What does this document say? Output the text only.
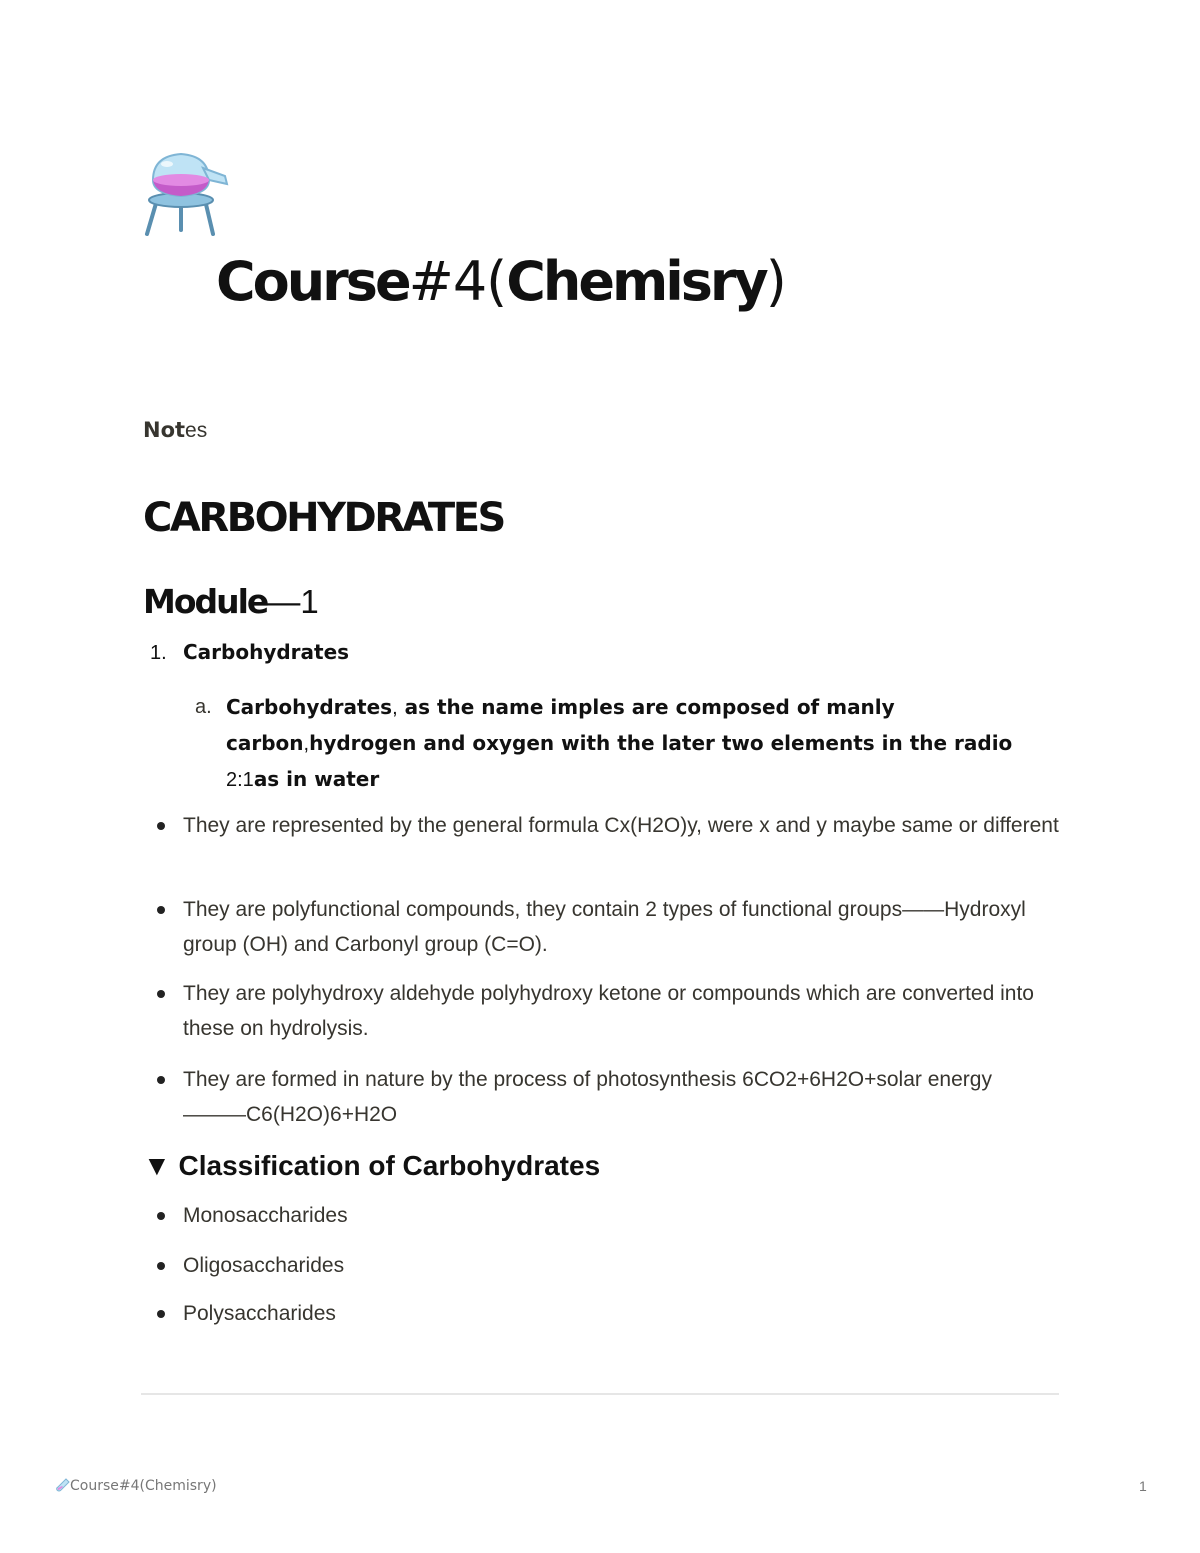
Course#4(Chemisry)
Notes
CARBOHYDRATES
Module—1
1. Carbohydrates
a. Carbohydrates, as the name imples are composed of manly carbon,hydrogen and oxygen with the later two elements in the radio 2:1as in water
They are represented by the general formula Cx(H2O)y, were x and y maybe same or different
They are polyfunctional compounds, they contain 2 types of functional groups——Hydroxyl group (OH) and Carbonyl group (C=O).
They are polyhydroxy aldehyde polyhydroxy ketone or compounds which are converted into these on hydrolysis.
They are formed in nature by the process of photosynthesis 6CO2+6H2O+solar energy ———C6(H2O)6+H2O
▼ Classification of Carbohydrates
Monosaccharides
Oligosaccharides
Polysaccharides
Course#4(Chemisry)	1
